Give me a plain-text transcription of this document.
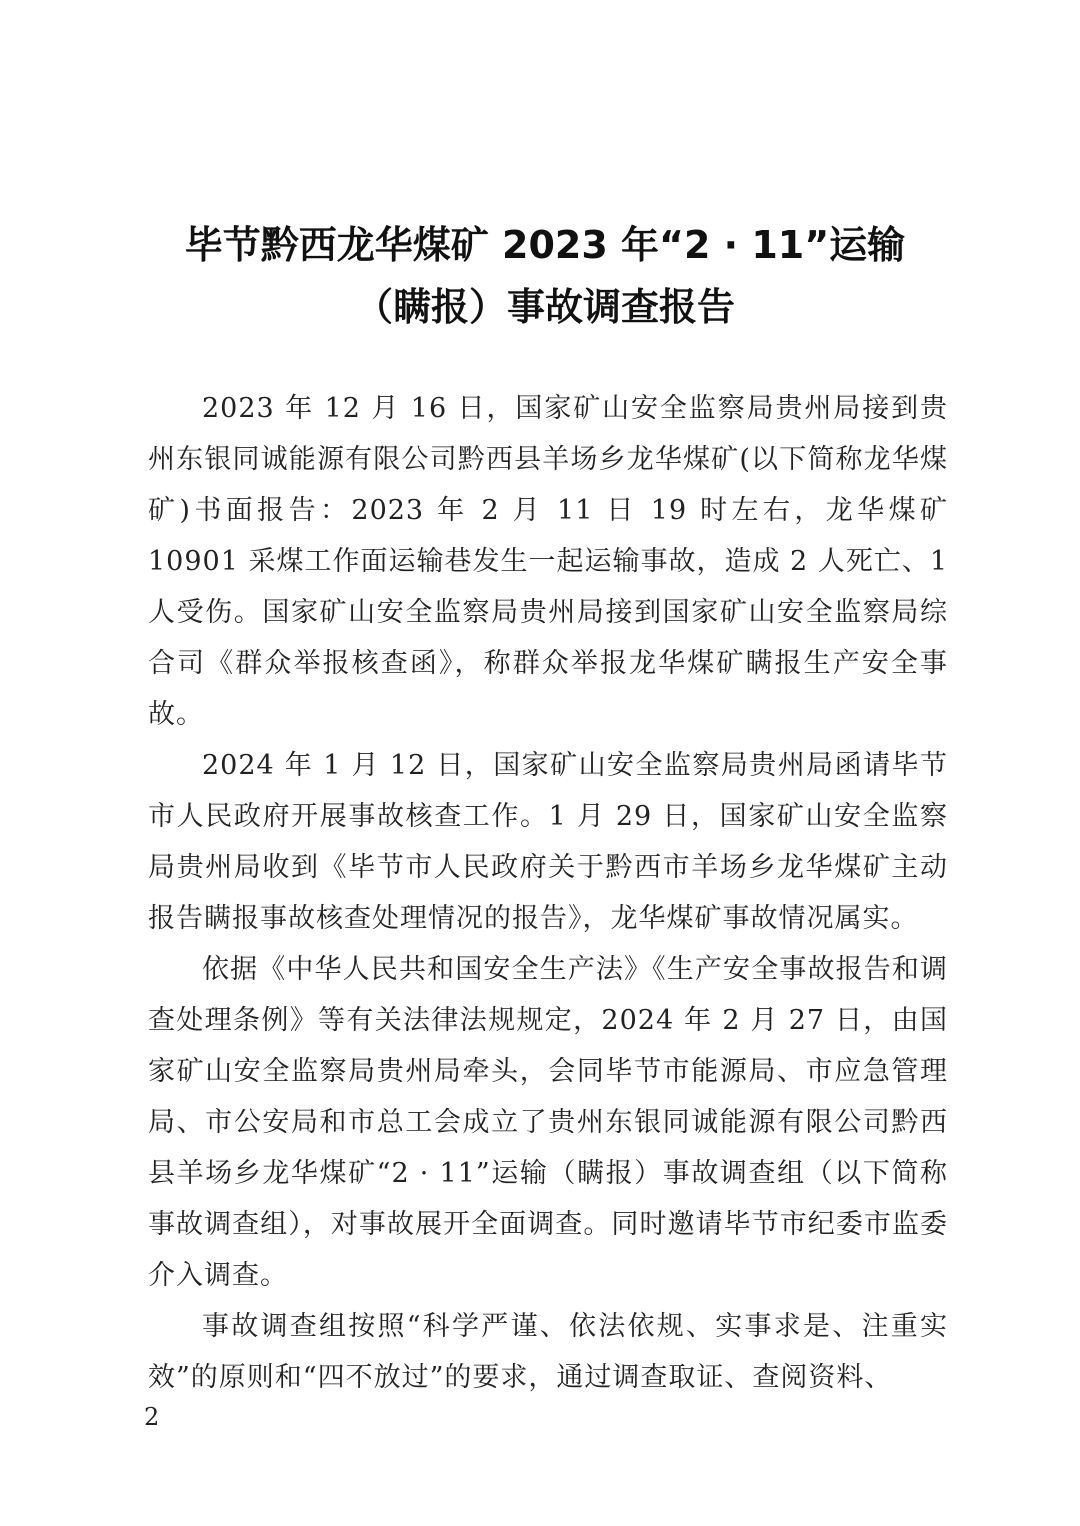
毕节黔西龙华煤矿 2023 年“2 · 11”运输
（瞒报）事故调查报告

2023 年 12 月 16 日，国家矿山安全监察局贵州局接到贵州东银同诚能源有限公司黔西县羊场乡龙华煤矿(以下简称龙华煤矿)书面报告：2023 年 2 月 11 日 19 时左右，龙华煤矿 10901 采煤工作面运输巷发生一起运输事故，造成 2 人死亡、1 人受伤。国家矿山安全监察局贵州局接到国家矿山安全监察局综合司《群众举报核查函》，称群众举报龙华煤矿瞒报生产安全事故。

2024 年 1 月 12 日，国家矿山安全监察局贵州局函请毕节市人民政府开展事故核查工作。1 月 29 日，国家矿山安全监察局贵州局收到《毕节市人民政府关于黔西市羊场乡龙华煤矿主动报告瞒报事故核查处理情况的报告》，龙华煤矿事故情况属实。

依据《中华人民共和国安全生产法》《生产安全事故报告和调查处理条例》等有关法律法规规定，2024 年 2 月 27 日，由国家矿山安全监察局贵州局牵头，会同毕节市能源局、市应急管理局、市公安局和市总工会成立了贵州东银同诚能源有限公司黔西县羊场乡龙华煤矿“2 · 11”运输（瞒报）事故调查组（以下简称事故调查组），对事故展开全面调查。同时邀请毕节市纪委市监委介入调查。

事故调查组按照“科学严谨、依法依规、实事求是、注重实效”的原则和“四不放过”的要求，通过调查取证、查阅资料、

2
